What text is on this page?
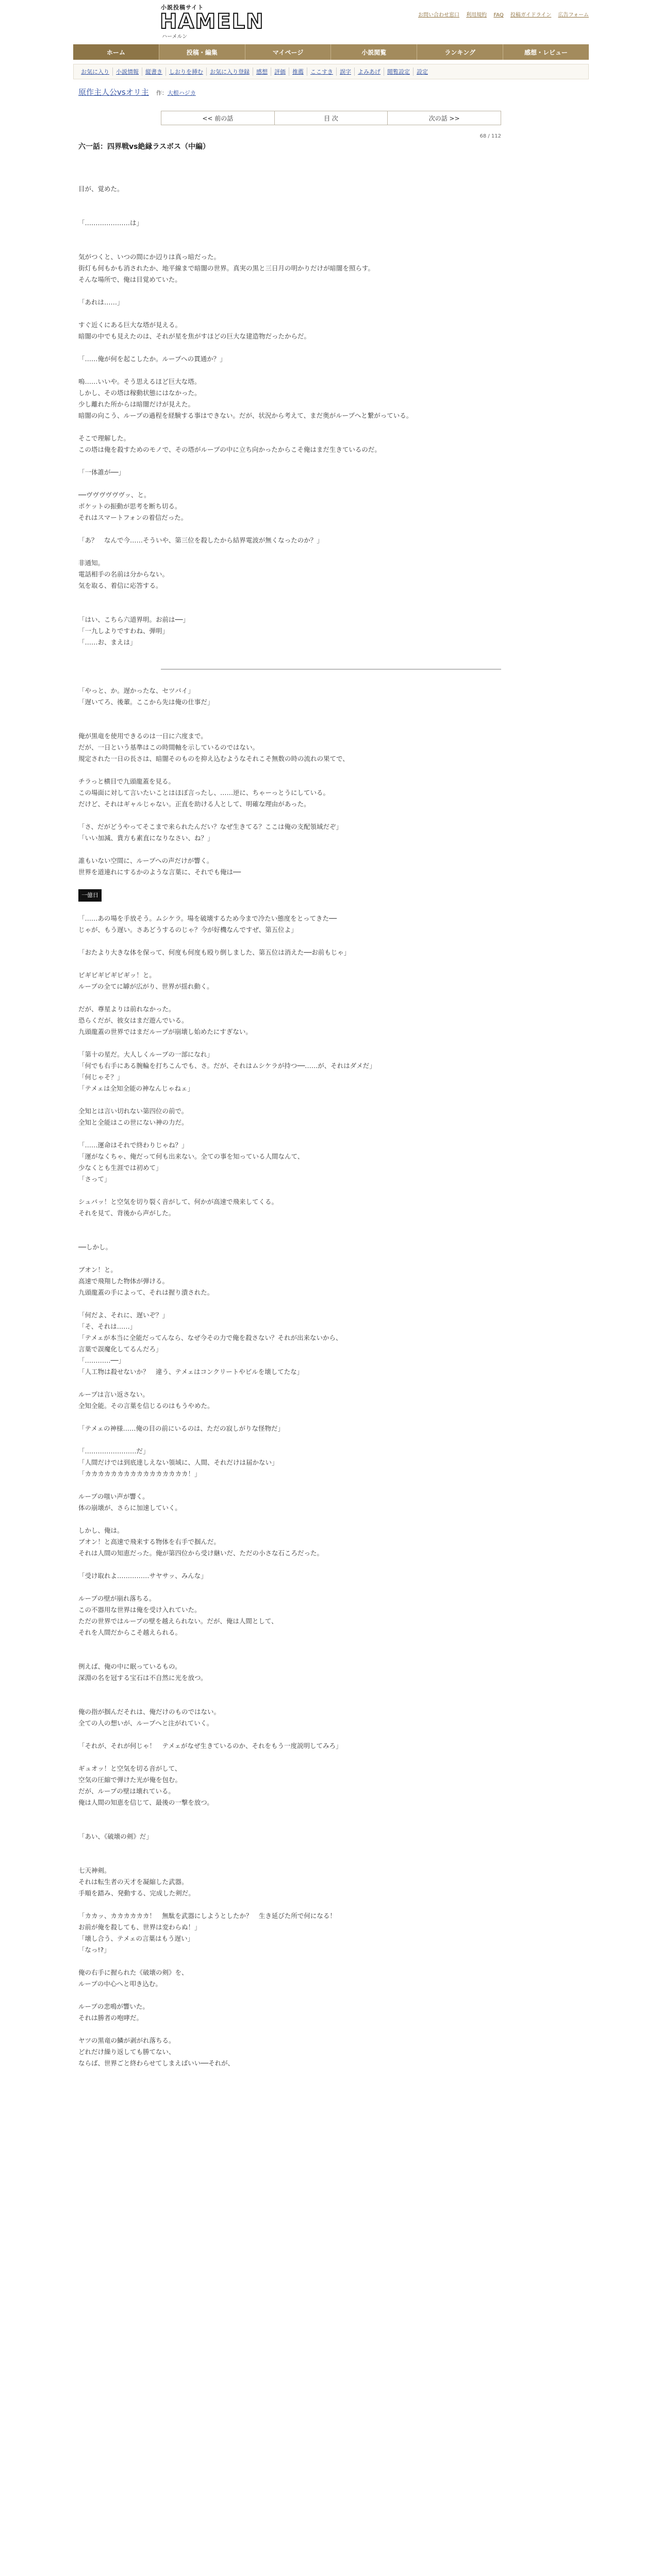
小説投稿サイト
HAMELN
ハーメルン
お問い合わせ窓口 利用規約 FAQ 投稿ガイドライン 広告フォーム
ホーム	投稿・編集	マイページ	小説閲覧	ランキング	感想・レビュー
お気に入り	小説情報	縦書き	しおりを挿む	お気に入り登録	感想	評価	推薦	ここすき	誤字	よみあげ	閲覧設定	設定
原作主人公vsオリ主 作：大根ハジカ
<< 前の話	目 次	次の話 >>
68 / 112
六一話：四界戦vs絶縁ラスボス（中編）

目が、覚めた。

「…………………は」

気がつくと、いつの間にか辺りは真っ暗だった。

街灯も何もかも消されたか、地平線まで暗闇の世界。真実の黒と三日月の明かりだけが暗闇を照らす。

そんな場所で、俺は目覚めていた。

「あれは……」

すぐ近くにある巨大な塔が見える。

暗闇の中でも見えたのは、それが星を焦がすほどの巨大な建造物だったからだ。

「……俺が何を起こしたか。ループへの貫通か？」

嗚……いいや。そう思えるほど巨大な塔。

しかし、その塔は稼動状態にはなかった。

少し離れた所からは暗闇だけが見えた。

暗闇の向こう、ループの過程を経験する事はできない。だが、状況から考えて、まだ奥がループへと繋がっている。

そこで理解した。

この塔は俺を殺すためのモノで、その塔がループの中に立ち向かったからこそ俺はまだ生きているのだ。

「一体誰が──」

──ヴヴヴヴヴヴッ、と。

ポケットの振動が思考を断ち切る。

それはスマートフォンの着信だった。

「あ？　なんで今……そういや、第三位を殺したから結界電波が無くなったのか？」

非通知。

電話相手の名前は分からない。

気を取る、着信に応答する。

「はい、こちら六道界明。お前は──」

「一九しよりですわね、弾明」

「……お、まえは」

「やっと、か。遅かったな、セツバイ」

「遅いてろ、後輩。ここから先は俺の仕事だ」

俺が黒竜を使用できるのは一日に六度まで。

だが、一日という基準はこの時間軸を示しているのではない。

規定された一日の長さは、暗闇そのものを抑え込むようなそれこそ無数の時の流れの果てで、

チラっと横目で九頭龍蓋を見る。

この場面に対して言いたいことはほぼ言ったし、……逆に、ちゃーっとうにしている。

だけど、それはギャルじゃない。正直を助ける人として、明確な理由があった。

「さ、だがどうやってそこまで来られたんだい？なぜ生きてる？ここは俺の支配領域だぞ」

「いい加減、貴方も素直になりなさい、ね？」

誰もいない空間に、ループへの声だけが響く。

世界を道連れにするかのような言葉に、それでも俺は──

一億日

「……あの場を手放そう。ムシケラ。場を破壊するため今まで冷たい態度をとってきた──

じゃが、もう遅い。さあどうするのじゃ？今が好機なんですぜ、第五位よ」

「おたより大きな体を保って、何度も何度も殴り倒しました、第五位は消えた──お前もじゃ」

ビギビギビギビギッ！と。

ループの全てに罅が広がり、世界が揺れ動く。

だが、尊星よりは前れなかった。

恐らくだが、彼女はまだ遊んでいる。

九頭龍蓋の世界ではまだループが崩壊し始めたにすぎない。

「第十の星だ。大人しくループの一部になれ」

「何でも右手にある腕輪を打ちこんでも、さ。だが、それはムシケラが持つ──……が、それはダメだ」

「何じゃそ？」

「テメェは全知全能の神なんじゃねェ」

全知とは言い切れない第四位の前で。

全知と全能はこの世にない神の力だ。

「……運命はそれで終わりじゃね？」

「運がなくちゃ、俺だって何も出来ない。全ての事を知っている人間なんて、

少なくとも生涯では初めて」

「さって」

シュバッ！と空気を切り裂く音がして、何かが高速で飛来してくる。

それを見て、背後から声がした。

──しかし。

ブオン！と。

高速で飛翔した物体が弾ける。

九頭龍蓋の手によって、それは握り潰された。

「何だよ、それに、遅いぞ？」

「そ、それは……」

「テメェが本当に全能だってんなら、なぜ今その力で俺を殺さない？それが出来ないから、

言葉で誤魔化してるんだろ」

「…………──」

「人工物は殺せないか？　違う、テメェはコンクリートやビルを壊してたな」

ループは言い返さない。

全知全能。その言葉を信じるのはもうやめた。

「テメェの神様……俺の目の前にいるのは、ただの寂しがりな怪物だ」

「……………………だ」

「人間だけでは到底達しえない領域に、人間、それだけは届かない」

「カカカカカカカカカカカカカカカカ！」

ループの嗤い声が響く。

体の崩壊が、さらに加速していく。

しかし、俺は。

ブオン！と高速で飛来する物体を右手で掴んだ。

それは人間の知恵だった。俺が第四位から受け継いだ、ただの小さな石ころだった。

「受け取れよ……………サヤサッ、みんな」

ループの壁が崩れ落ちる。

この不器用な世界は俺を受け入れていた。

ただの世界ではループの壁を越えられない。だが、俺は人間として、

それを人間だからこそ越えられる。

例えば、俺の中に眠っているもの。

深淵の名を冠する宝石は不自然に光を放つ。

俺の指が掴んだそれは、俺だけのものではない。

全ての人の想いが、ループへと注がれていく。

「それが、それが何じゃ！　テメェがなぜ生きているのか、それをもう一度説明してみろ」

ギュオッ！と空気を切る音がして、

空気の圧縮で弾けた光が俺を包む。

だが、ループの壁は壊れている。

俺は人間の知恵を信じて、最後の一撃を放つ。

「あい、《破壊の剣》だ」

七天神剣。

それは転生者の天才を凝縮した武器。

手順を踏み、発動する、完成した剣だ。

「カカッ、カカカカカカ！　無駄を武器にしようとしたか？　生き延びた所で何になる！

お前が俺を殺しても、世界は変わらぬ！」

「壊し合う、テメェの言葉はもう遅い」

「なっ!?」

俺の右手に握られた《破壊の剣》を、

ループの中心へと叩き込む。

ループの悲鳴が響いた。

それは勝者の咆哮だ。

ヤツの黒竜の鱗が剥がれ落ちる。

どれだけ繰り返しても勝てない、

ならば、世界ごと終わらせてしまえばいい──それが、
